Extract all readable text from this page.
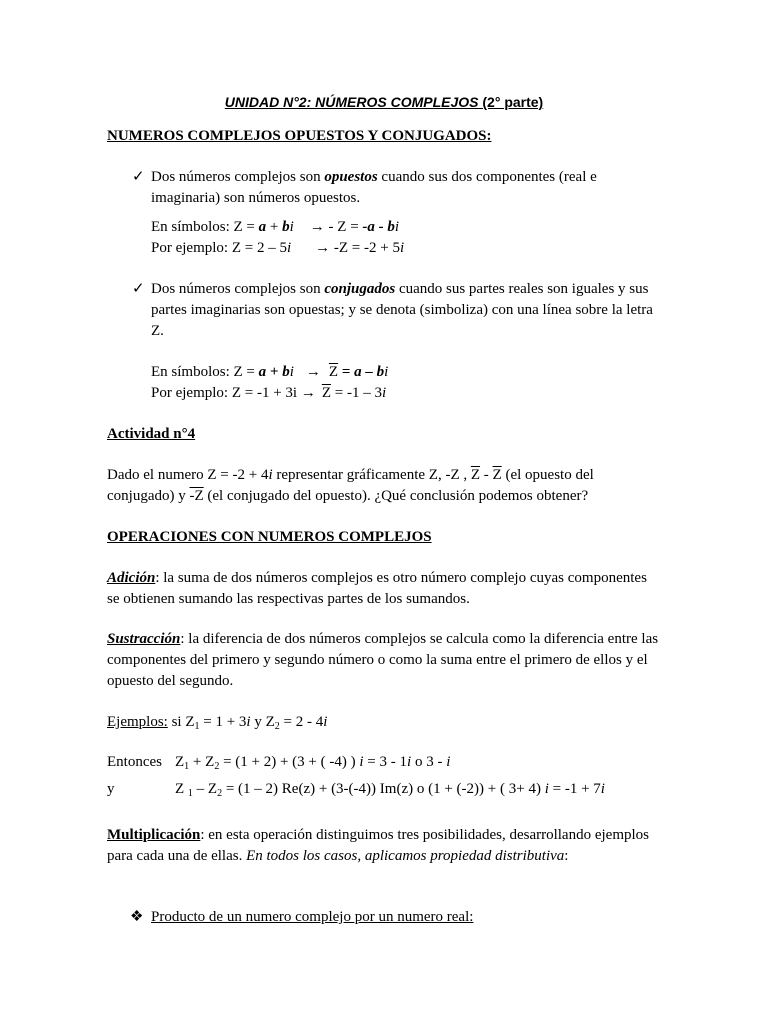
UNIDAD N°2: NÚMEROS COMPLEJOS (2° parte)
NUMEROS COMPLEJOS OPUESTOS Y CONJUGADOS:
✓ Dos números complejos son opuestos cuando sus dos componentes (real e
imaginaria) son números opuestos.
En símbolos: Z = a + bi → - Z = -a - bi
Por ejemplo: Z = 2 – 5i → -Z = -2 + 5i
✓ Dos números complejos son conjugados cuando sus partes reales son iguales y sus
partes imaginarias son opuestas; y se denota (simboliza) con una línea sobre la letra
Z.
En símbolos: Z = a + bi → $\overline{Z} = a$ – bi
Por ejemplo: $Z = -1 + 3i \to \overline{Z} = -1 - 3i$
Actividad n°4
Dado el numero Z = -2 + 4i representar gráficamente Z, -Z , $\overline{Z} - \overline{Z}$ (el opuesto del
conjugado) y -Z (el conjugado del opuesto). ¿Qué conclusión podemos obtener?
OPERACIONES CON NUMEROS COMPLEJOS
Adición: la suma de dos números complejos es otro número complejo cuyas componentes
se obtienen sumando las respectivas partes de los sumandos.
Sustracción: la diferencia de dos números complejos se calcula como la diferencia entre las
componentes del primero y segundo número o como la suma entre el primero de ellos y el
opuesto del segundo.
Ejemplos: si $Z_1 = 1 + 3i$ y $Z_2 = 2 - 4i$
Entonces $Z_1 + Z_2 = (1 + 2) + (3$ + ( -4) ) i = 3 - 1i o 3 - i
y	Z $_1 - Z_2 = (1 - 2) Re(z) + (3-(-4))$ Im(z) o (1 + (-2)) + ( 3+ 4) i = -1 + 7i
Multiplicación: en esta operación distinguimos tres posibilidades, desarrollando ejemplos
para cada una de ellas. En todos los casos, aplicamos propiedad distributiva:
❖ Producto de un numero complejo por un numero real:
